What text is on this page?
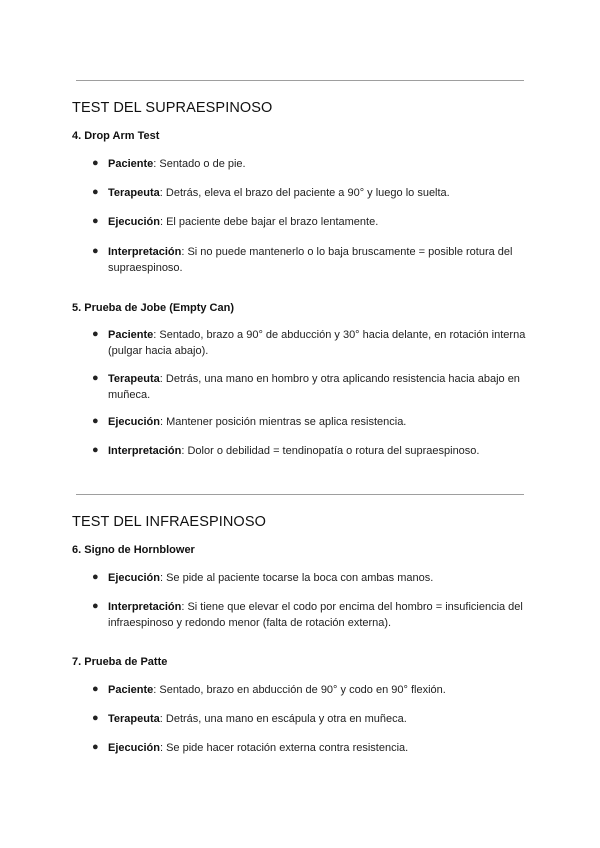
TEST DEL SUPRAESPINOSO
4. Drop Arm Test
● Paciente: Sentado o de pie.
● Terapeuta: Detrás, eleva el brazo del paciente a 90° y luego lo suelta.
● Ejecución: El paciente debe bajar el brazo lentamente.
● Interpretación: Si no puede mantenerlo o lo baja bruscamente = posible rotura del supraespinoso.
5. Prueba de Jobe (Empty Can)
● Paciente: Sentado, brazo a 90° de abducción y 30° hacia delante, en rotación interna (pulgar hacia abajo).
● Terapeuta: Detrás, una mano en hombro y otra aplicando resistencia hacia abajo en muñeca.
● Ejecución: Mantener posición mientras se aplica resistencia.
● Interpretación: Dolor o debilidad = tendinopatía o rotura del supraespinoso.
TEST DEL INFRAESPINOSO
6. Signo de Hornblower
● Ejecución: Se pide al paciente tocarse la boca con ambas manos.
● Interpretación: Si tiene que elevar el codo por encima del hombro = insuficiencia del infraespinoso y redondo menor (falta de rotación externa).
7. Prueba de Patte
● Paciente: Sentado, brazo en abducción de 90° y codo en 90° flexión.
● Terapeuta: Detrás, una mano en escápula y otra en muñeca.
● Ejecución: Se pide hacer rotación externa contra resistencia.
